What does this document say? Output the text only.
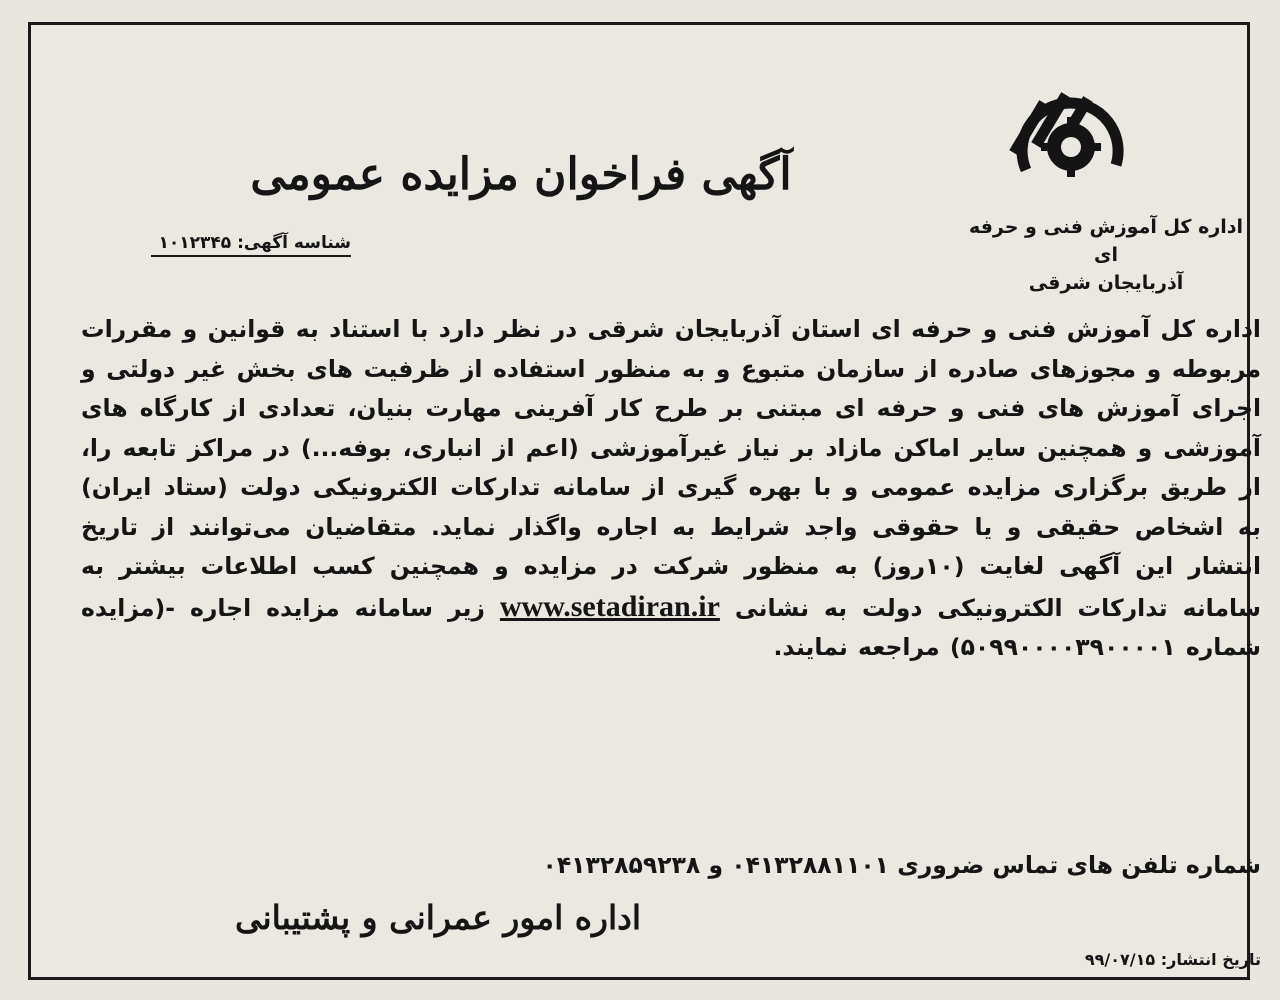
اداره کل آموزش فنی و حرفه ای
آذربایجان شرقی
آگهی فراخوان مزایده عمومی
شناسه آگهی: ۱۰۱۲۳۴۵
اداره کل آموزش فنی و حرفه ای استان آذربایجان شرقی در نظر دارد با استناد به قوانین و مقررات مربوطه و مجوزهای صادره از سازمان متبوع و به منظور استفاده از ظرفیت های بخش غیر دولتی و اجرای آموزش های فنی و حرفه ای مبتنی بر طرح کار آفرینی مهارت بنیان، تعدادی از کارگاه های آموزشی و همچنین سایر اماکن مازاد بر نیاز غیرآموزشی (اعم از انباری، بوفه...) در مراکز تابعه را، از طریق برگزاری مزایده عمومی و با بهره گیری از سامانه تدارکات الکترونیکی دولت (ستاد ایران) به اشخاص حقیقی و یا حقوقی واجد شرایط به اجاره واگذار نماید. متقاضیان می‌توانند از تاریخ انتشار این آگهی لغایت (۱۰روز) به منظور شرکت در مزایده و همچنین کسب اطلاعات بیشتر به سامانه تدارکات الکترونیکی دولت به نشانی www.setadiran.ir زیر سامانه مزایده اجاره -(مزایده شماره ۵۰۹۹۰۰۰۰۳۹۰۰۰۰۱) مراجعه نمایند.
شماره تلفن های تماس ضروری ۰۴۱۳۲۸۸۱۱۰۱ و ۰۴۱۳۲۸۵۹۲۳۸
اداره امور عمرانی و پشتیبانی
تاریخ انتشار: ۹۹/۰۷/۱۵
